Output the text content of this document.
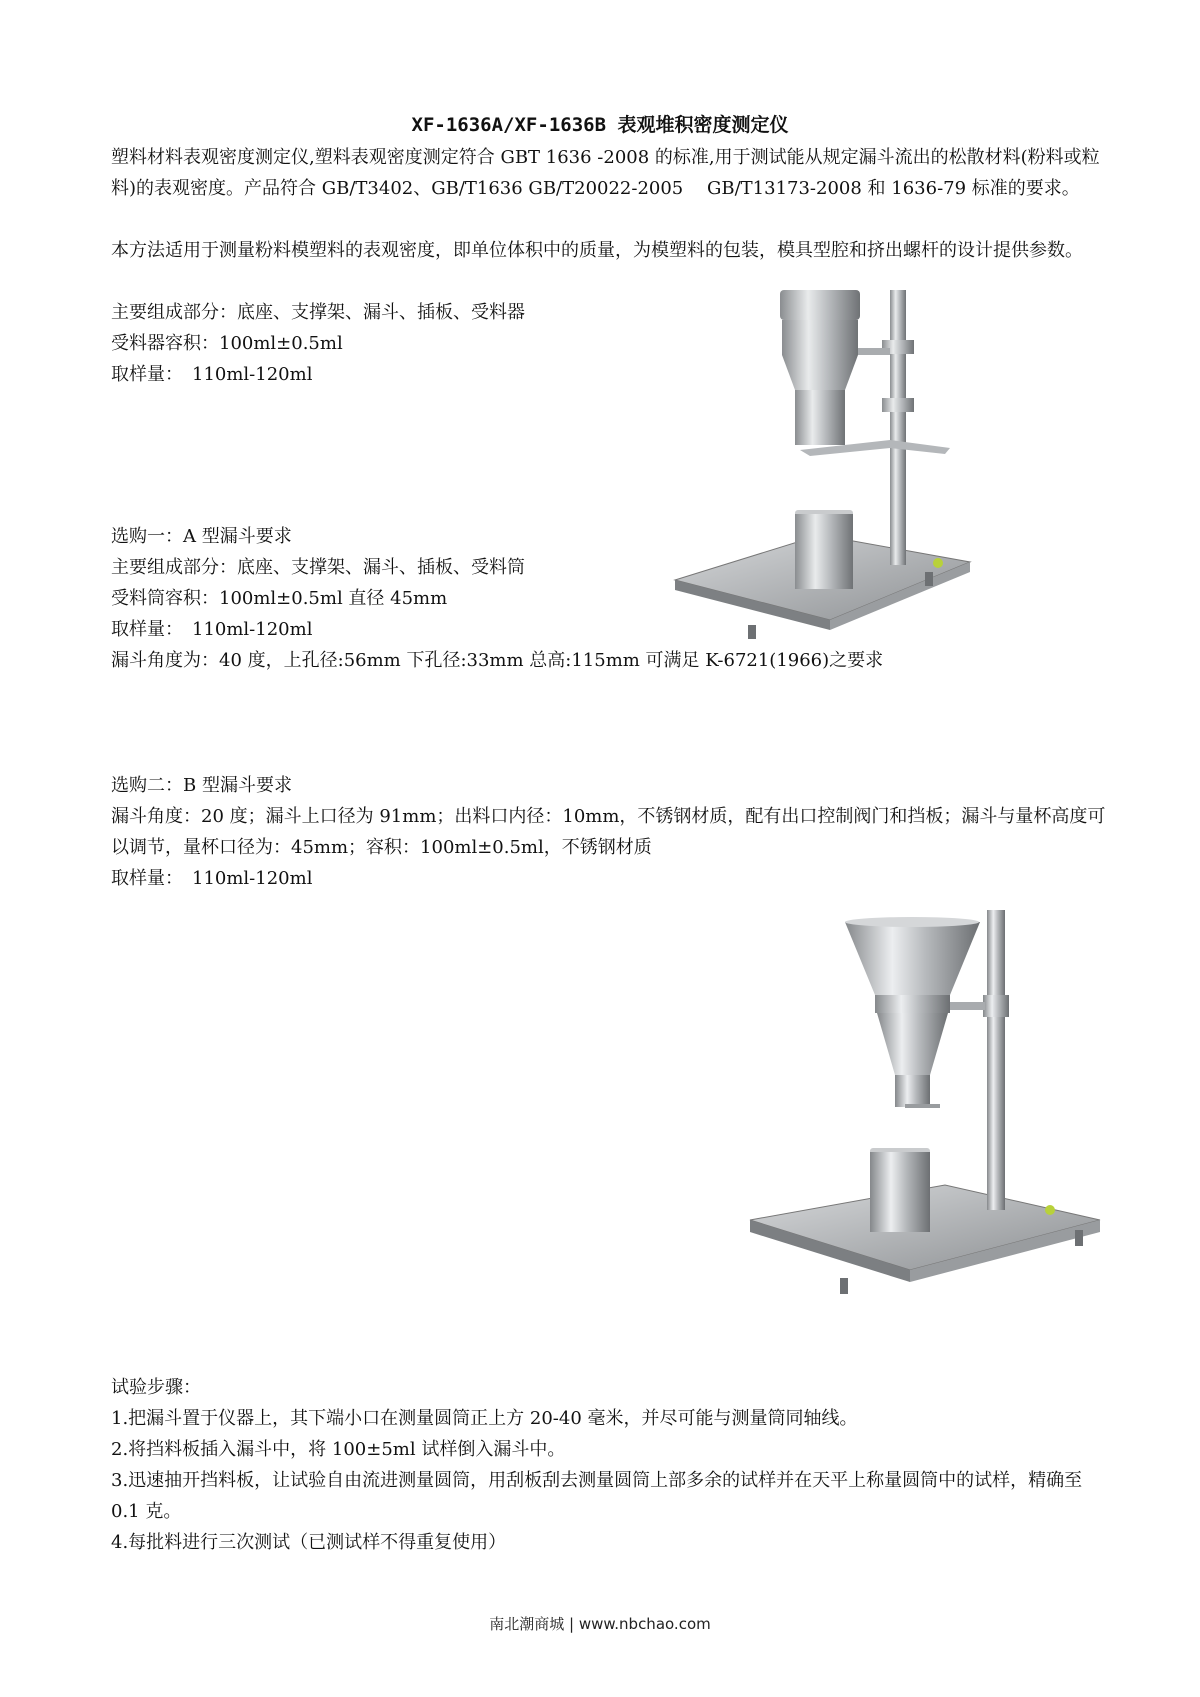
XF-1636A/XF-1636B 表观堆积密度测定仪

塑料材料表观密度测定仪,塑料表观密度测定符合 GBT 1636 -2008 的标准,用于测试能从规定漏斗流出的松散材料(粉料或粒料)的表观密度。产品符合 GB/T3402、GB/T1636 GB/T20022-2005　 GB/T13173-2008 和 1636-79 标准的要求。

本方法适用于测量粉料模塑料的表观密度，即单位体积中的质量，为模塑料的包装，模具型腔和挤出螺杆的设计提供参数。

主要组成部分：底座、支撑架、漏斗、插板、受料器

受料器容积：100ml±0.5ml

取样量：　110ml-120ml

选购一：A 型漏斗要求

主要组成部分：底座、支撑架、漏斗、插板、受料筒

受料筒容积：100ml±0.5ml 直径 45mm

取样量：　110ml-120ml

漏斗角度为：40 度，上孔径:56mm 下孔径:33mm 总高:115mm 可满足 K-6721(1966)之要求

选购二：B 型漏斗要求

漏斗角度：20 度；漏斗上口径为 91mm；出料口内径：10mm，不锈钢材质，配有出口控制阀门和挡板；漏斗与量杯高度可以调节，量杯口径为：45mm；容积：100ml±0.5ml，不锈钢材质

取样量：　110ml-120ml

试验步骤：

1.把漏斗置于仪器上，其下端小口在测量圆筒正上方 20-40 毫米，并尽可能与测量筒同轴线。

2.将挡料板插入漏斗中，将 100±5ml 试样倒入漏斗中。

3.迅速抽开挡料板，让试验自由流进测量圆筒，用刮板刮去测量圆筒上部多余的试样并在天平上称量圆筒中的试样，精确至 0.1 克。

4.每批料进行三次测试（已测试样不得重复使用）

南北潮商城 | www.nbchao.com
